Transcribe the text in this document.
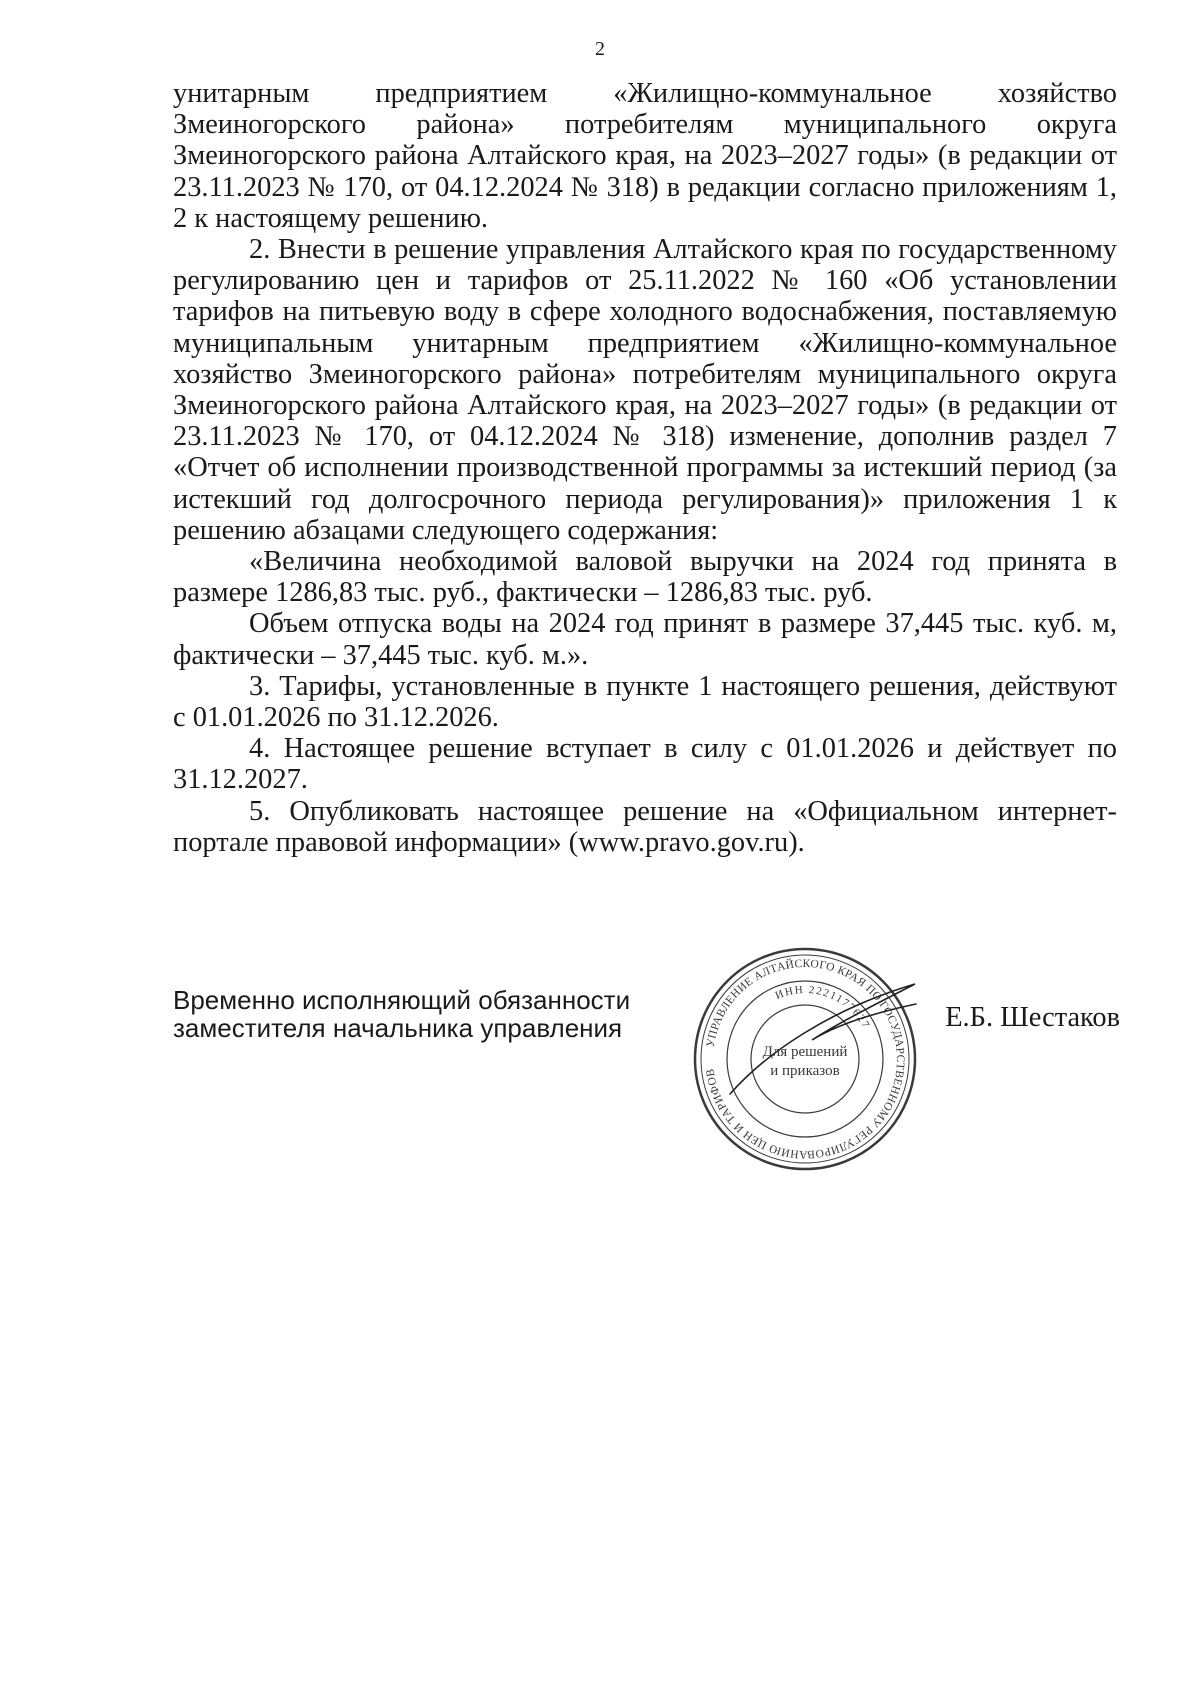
2

унитарным предприятием «Жилищно-коммунальное хозяйство Змеиногорского района» потребителям муниципального округа Змеиногорского района Алтайского края, на 2023–2027 годы» (в редакции от 23.11.2023 № 170, от 04.12.2024 № 318) в редакции согласно приложениям 1, 2 к настоящему решению.

2. Внести в решение управления Алтайского края по государственному регулированию цен и тарифов от 25.11.2022 № 160 «Об установлении тарифов на питьевую воду в сфере холодного водоснабжения, поставляемую муниципальным унитарным предприятием «Жилищно-коммунальное хозяйство Змеиногорского района» потребителям муниципального округа Змеиногорского района Алтайского края, на 2023–2027 годы» (в редакции от 23.11.2023 № 170, от 04.12.2024 № 318) изменение, дополнив раздел 7 «Отчет об исполнении производственной программы за истекший период (за истекший год долгосрочного периода регулирования)» приложения 1 к решению абзацами следующего содержания:

«Величина необходимой валовой выручки на 2024 год принята в размере 1286,83 тыс. руб., фактически – 1286,83 тыс. руб.

Объем отпуска воды на 2024 год принят в размере 37,445 тыс. куб. м, фактически – 37,445 тыс. куб. м.».

3. Тарифы, установленные в пункте 1 настоящего решения, действуют с 01.01.2026 по 31.12.2026.

4. Настоящее решение вступает в силу с 01.01.2026 и действует по 31.12.2027.

5. Опубликовать настоящее решение на «Официальном интернет-портале правовой информации» (www.pravo.gov.ru).

Временно исполняющий обязанности
заместителя начальника управления	УПРАВЛЕНИЕ АЛТАЙСКОГО КРАЯ ПО ГОСУДАРСТВЕННОМУ РЕГУЛИРОВАНИЮ ЦЕН И ТАРИФОВ
ИНН 2221177627
Для решений
и приказов
Е.Б. Шестаков
